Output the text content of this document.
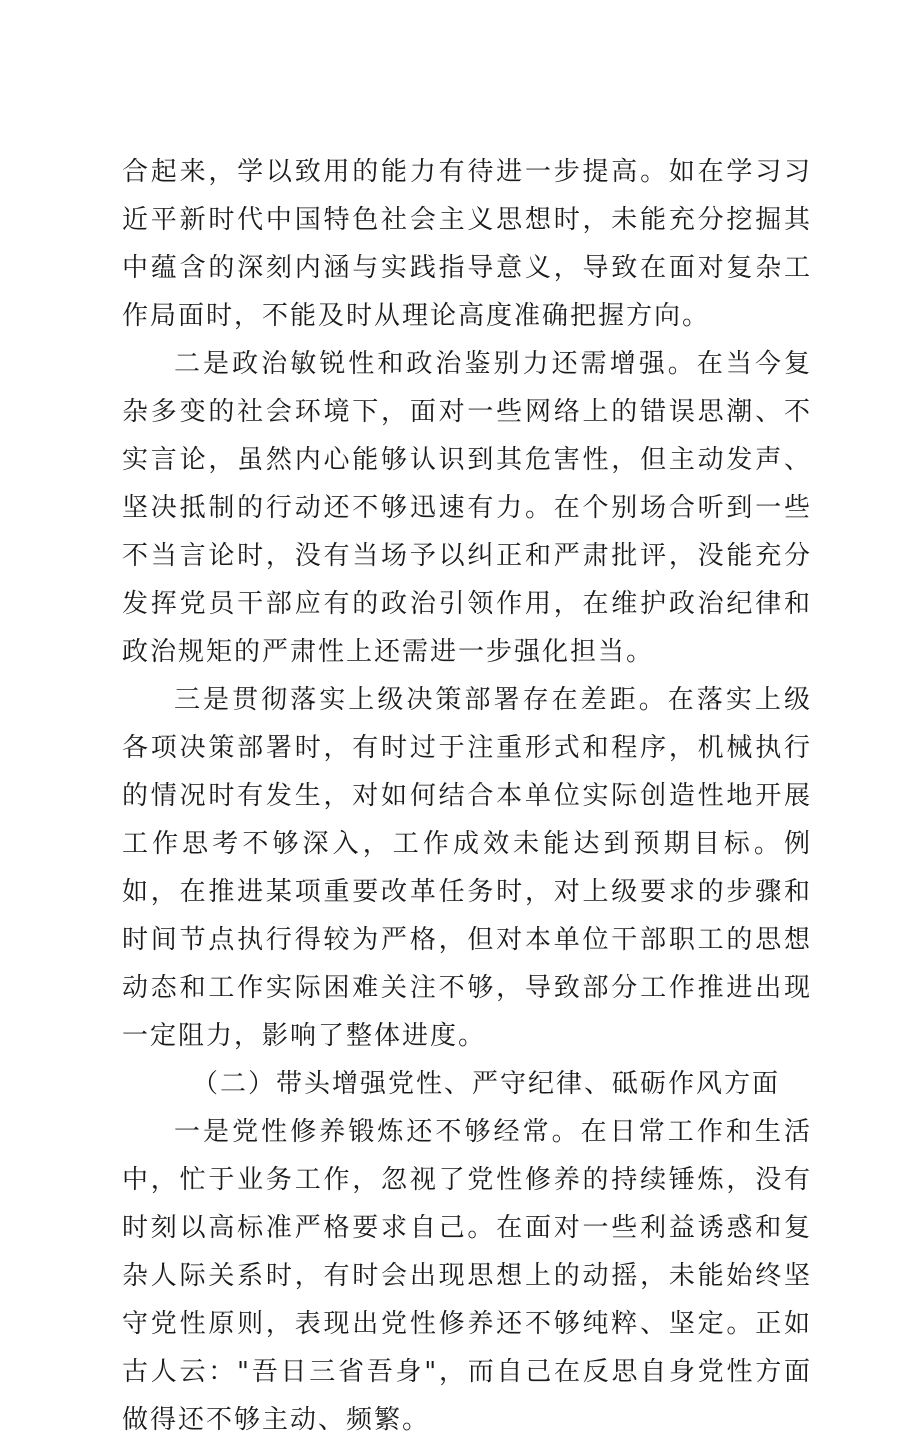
合起来，学以致用的能力有待进一步提高。如在学习习近平新时代中国特色社会主义思想时，未能充分挖掘其中蕴含的深刻内涵与实践指导意义，导致在面对复杂工作局面时，不能及时从理论高度准确把握方向。

二是政治敏锐性和政治鉴别力还需增强。在当今复杂多变的社会环境下，面对一些网络上的错误思潮、不实言论，虽然内心能够认识到其危害性，但主动发声、坚决抵制的行动还不够迅速有力。在个别场合听到一些不当言论时，没有当场予以纠正和严肃批评，没能充分发挥党员干部应有的政治引领作用，在维护政治纪律和政治规矩的严肃性上还需进一步强化担当。

三是贯彻落实上级决策部署存在差距。在落实上级各项决策部署时，有时过于注重形式和程序，机械执行的情况时有发生，对如何结合本单位实际创造性地开展工作思考不够深入，工作成效未能达到预期目标。例如，在推进某项重要改革任务时，对上级要求的步骤和时间节点执行得较为严格，但对本单位干部职工的思想动态和工作实际困难关注不够，导致部分工作推进出现一定阻力，影响了整体进度。

（二）带头增强党性、严守纪律、砥砺作风方面

一是党性修养锻炼还不够经常。在日常工作和生活中，忙于业务工作，忽视了党性修养的持续锤炼，没有时刻以高标准严格要求自己。在面对一些利益诱惑和复杂人际关系时，有时会出现思想上的动摇，未能始终坚守党性原则，表现出党性修养还不够纯粹、坚定。正如古人云："吾日三省吾身"，而自己在反思自身党性方面做得还不够主动、频繁。
